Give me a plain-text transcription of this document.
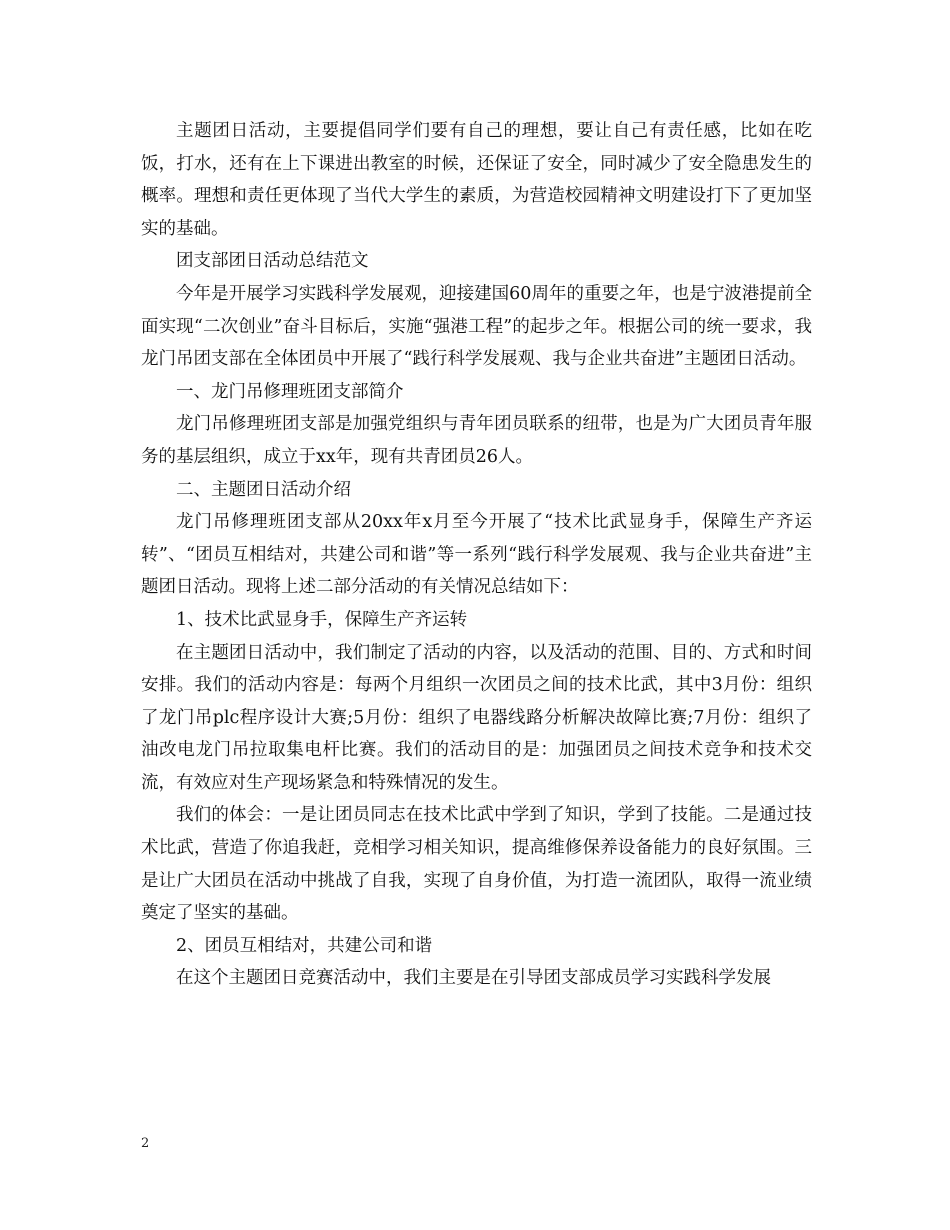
主题团日活动，主要提倡同学们要有自己的理想，要让自己有责任感，比如在吃饭，打水，还有在上下课进出教室的时候，还保证了安全，同时减少了安全隐患发生的概率。理想和责任更体现了当代大学生的素质，为营造校园精神文明建设打下了更加坚实的基础。

团支部团日活动总结范文

今年是开展学习实践科学发展观，迎接建国60周年的重要之年，也是宁波港提前全面实现“二次创业”奋斗目标后，实施“强港工程”的起步之年。根据公司的统一要求，我龙门吊团支部在全体团员中开展了“践行科学发展观、我与企业共奋进”主题团日活动。

一、龙门吊修理班团支部简介

龙门吊修理班团支部是加强党组织与青年团员联系的纽带，也是为广大团员青年服务的基层组织，成立于xx年，现有共青团员26人。

二、主题团日活动介绍

龙门吊修理班团支部从20xx年x月至今开展了“技术比武显身手，保障生产齐运转”、“团员互相结对，共建公司和谐”等一系列“践行科学发展观、我与企业共奋进”主题团日活动。现将上述二部分活动的有关情况总结如下：

1、技术比武显身手，保障生产齐运转

在主题团日活动中，我们制定了活动的内容，以及活动的范围、目的、方式和时间安排。我们的活动内容是：每两个月组织一次团员之间的技术比武，其中3月份：组织了龙门吊plc程序设计大赛;5月份：组织了电器线路分析解决故障比赛;7月份：组织了油改电龙门吊拉取集电杆比赛。我们的活动目的是：加强团员之间技术竞争和技术交流，有效应对生产现场紧急和特殊情况的发生。

我们的体会：一是让团员同志在技术比武中学到了知识，学到了技能。二是通过技术比武，营造了你追我赶，竞相学习相关知识，提高维修保养设备能力的良好氛围。三是让广大团员在活动中挑战了自我，实现了自身价值，为打造一流团队，取得一流业绩奠定了坚实的基础。

2、团员互相结对，共建公司和谐

在这个主题团日竞赛活动中，我们主要是在引导团支部成员学习实践科学发展

2
